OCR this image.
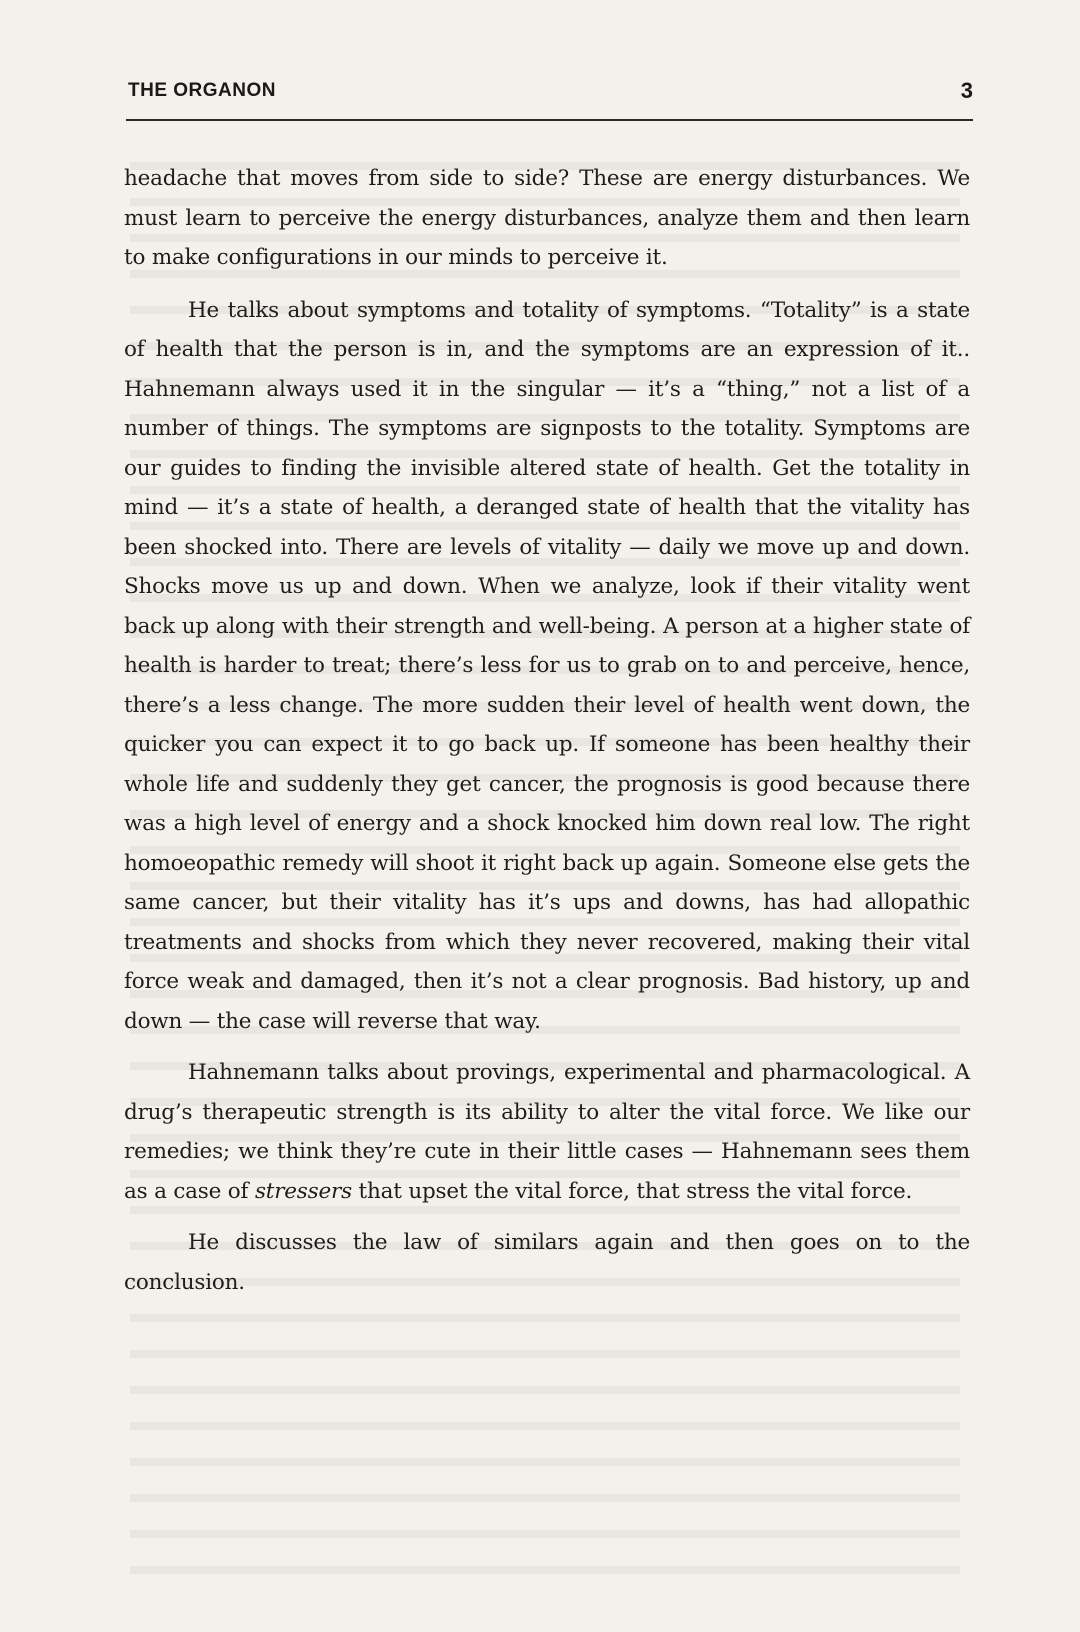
THE ORGANON	3

headache that moves from side to side? These are energy disturbances. We must learn to perceive the energy disturbances, analyze them and then learn to make configurations in our minds to perceive it.

He talks about symptoms and totality of symptoms. “Totality” is a state of health that the person is in, and the symptoms are an expression of it.. Hahnemann always used it in the singular — it’s a “thing,” not a list of a number of things. The symptoms are signposts to the totality. Symptoms are our guides to finding the invisible altered state of health. Get the totality in mind — it’s a state of health, a deranged state of health that the vitality has been shocked into. There are levels of vitality — daily we move up and down. Shocks move us up and down. When we analyze, look if their vitality went back up along with their strength and well-being. A person at a higher state of health is harder to treat; there’s less for us to grab on to and perceive, hence, there’s a less change. The more sudden their level of health went down, the quicker you can expect it to go back up. If someone has been healthy their whole life and suddenly they get cancer, the prognosis is good because there was a high level of energy and a shock knocked him down real low. The right homoeopathic remedy will shoot it right back up again. Someone else gets the same cancer, but their vitality has it’s ups and downs, has had allopathic treatments and shocks from which they never recovered, making their vital force weak and damaged, then it’s not a clear prognosis. Bad history, up and down — the case will reverse that way.

Hahnemann talks about provings, experimental and pharmacological. A drug’s therapeutic strength is its ability to alter the vital force. We like our remedies; we think they’re cute in their little cases — Hahnemann sees them as a case of stressers that upset the vital force, that stress the vital force.

He discusses the law of similars again and then goes on to the conclusion.
